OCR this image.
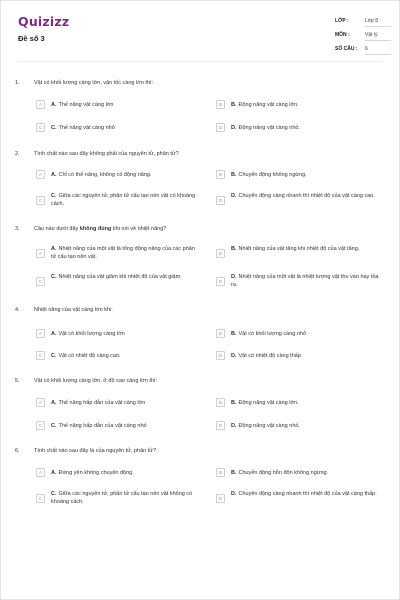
Quizizz
Đề số 3
LỚP :	Lớp 8
MÔN :	Vật lý
SỐ CÂU : 6
1.	Vật có khối lượng càng lớn, vận tốc càng lớn thì:
A	A. Thế năng vật càng lớn	B	B. Động năng vật càng lớn.
C	C. Thế năng vật càng nhỏ	D	D. Động năng vật càng nhỏ.
2.	Tính chất nào sau đây không phải của nguyên tử, phân tử?
A	A. Chỉ có thế năng, không có động năng.	B	B. Chuyển động không ngừng.
C
C. Giữa các nguyên tử, phân tử cấu tạo nên vật có khoảng cách.
D
D. Chuyển động càng nhanh thì nhiệt độ của vật càng cao.
3.	Câu nào dưới đây không đúng khi nói về nhiệt năng?
A
A. Nhiệt năng của một vật là tổng động năng của các phân tử cấu tạo nên vật.
B
B. Nhiệt năng của vật tăng khi nhiệt độ của vật tăng.
C
C. Nhiệt năng của vật giảm khi nhiệt độ của vật giảm.
D
D. Nhiệt năng của một vật là nhiệt lượng vật thu vào hay tỏa ra.
4.	Nhiệt năng của vật càng lớn khi:
A	A. Vật có khối lượng càng lớn	B	B. Vật có khối lượng càng nhỏ
C	C. Vật có nhiệt độ càng cao.	D	D. Vật có nhiệt độ càng thấp
5.	Vật có khối lượng càng lớn, ở độ cao càng lớn thì:
A	A. Thế năng hấp dẫn của vật càng lớn	B	B. Động năng vật càng lớn.
C	C. Thế năng hấp dẫn của vật càng nhỏ	D	D. Động năng vật càng nhỏ.
6.	Tính chất nào sau đây là của nguyên tử, phân tử?
A	A. Đứng yên không chuyển động.	B	B. Chuyển động hỗn độn không ngừng.
C
C. Giữa các nguyên tử, phân tử cấu tạo nên vật không có khoảng cách.
D
D. Chuyển động càng nhanh thì nhiệt độ của vật càng thấp.
